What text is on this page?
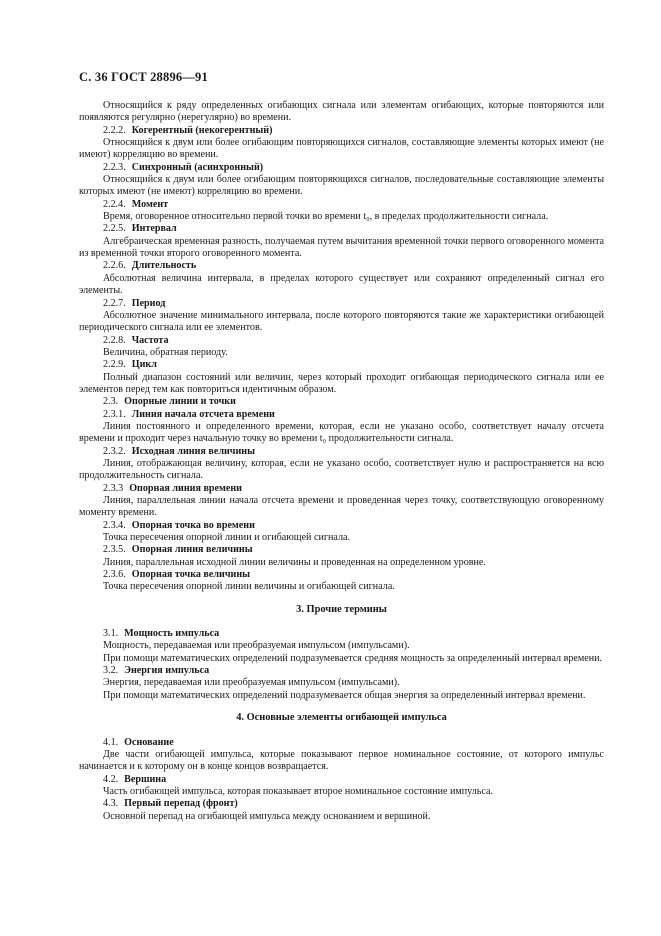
С. 36 ГОСТ 28896—91

Относящийся к ряду определенных огибающих сигнала или элементам огибающих, которые повторяются или появляются регулярно (нерегулярно) во времени.

2.2.2. Когерентный (некогерентный)

Относящийся к двум или более огибающим повторяющихся сигналов, составляющие элементы которых имеют (не имеют) корреляцию во времени.

2.2.3. Синхронный (асинхронный)

Относящийся к двум или более огибающим повторяющихся сигналов, последовательные составляющие элементы которых имеют (не имеют) корреляцию во времени.

2.2.4. Момент

Время, оговоренное относительно первой точки во времени t₀, в пределах продолжительности сигнала.

2.2.5. Интервал

Алгебраическая временная разность, получаемая путем вычитания временной точки первого оговоренного момента из временной точки второго оговоренного момента.

2.2.6. Длительность

Абсолютная величина интервала, в пределах которого существует или сохраняют определенный сигнал его элементы.

2.2.7. Период

Абсолютное значение минимального интервала, после которого повторяются такие же характеристики огибающей периодического сигнала или ее элементов.

2.2.8. Частота

Величина, обратная периоду.

2.2.9. Цикл

Полный диапазон состояний или величин, через который проходит огибающая периодического сигнала или ее элементов перед тем как повториться идентичным образом.

2.3. Опорные линии и точки
2.3.1. Линия начала отсчета времени

Линия постоянного и определенного времени, которая, если не указано особо, соответствует началу отсчета времени и проходит через начальную точку во времени t₀ продолжительности сигнала.

2.3.2. Исходная линия величины

Линия, отображающая величину, которая, если не указано особо, соответствует нулю и распространяется на всю продолжительность сигнала.

2.3.3 Опорная линия времени

Линия, параллельная линии начала отсчета времени и проведенная через точку, соответствующую оговоренному моменту времени.

2.3.4. Опорная точка во времени

Точка пересечения опорной линии и огибающей сигнала.

2.3.5. Опорная линия величины

Линия, параллельная исходной линии величины и проведенная на определенном уровне.

2.3.6. Опорная точка величины

Точка пересечения опорной линии величины и огибающей сигнала.

3. Прочие термины
3.1. Мощность импульса

Мощность, передаваемая или преобразуемая импульсом (импульсами).

При помощи математических определений подразумевается средняя мощность за определенный интервал времени.

3.2. Энергия импульса

Энергия, передаваемая или преобразуемая импульсом (импульсами).

При помощи математических определений подразумевается общая энергия за определенный интервал времени.

4. Основные элементы огибающей импульса
4.1. Основание

Две части огибающей импульса, которые показывают первое номинальное состояние, от которого импульс начинается и к которому он в конце концов возвращается.

4.2. Вершина

Часть огибающей импульса, которая показывает второе номинальное состояние импульса.

4.3. Первый перепад (фронт)

Основной перепад на огибающей импульса между основанием и вершиной.
